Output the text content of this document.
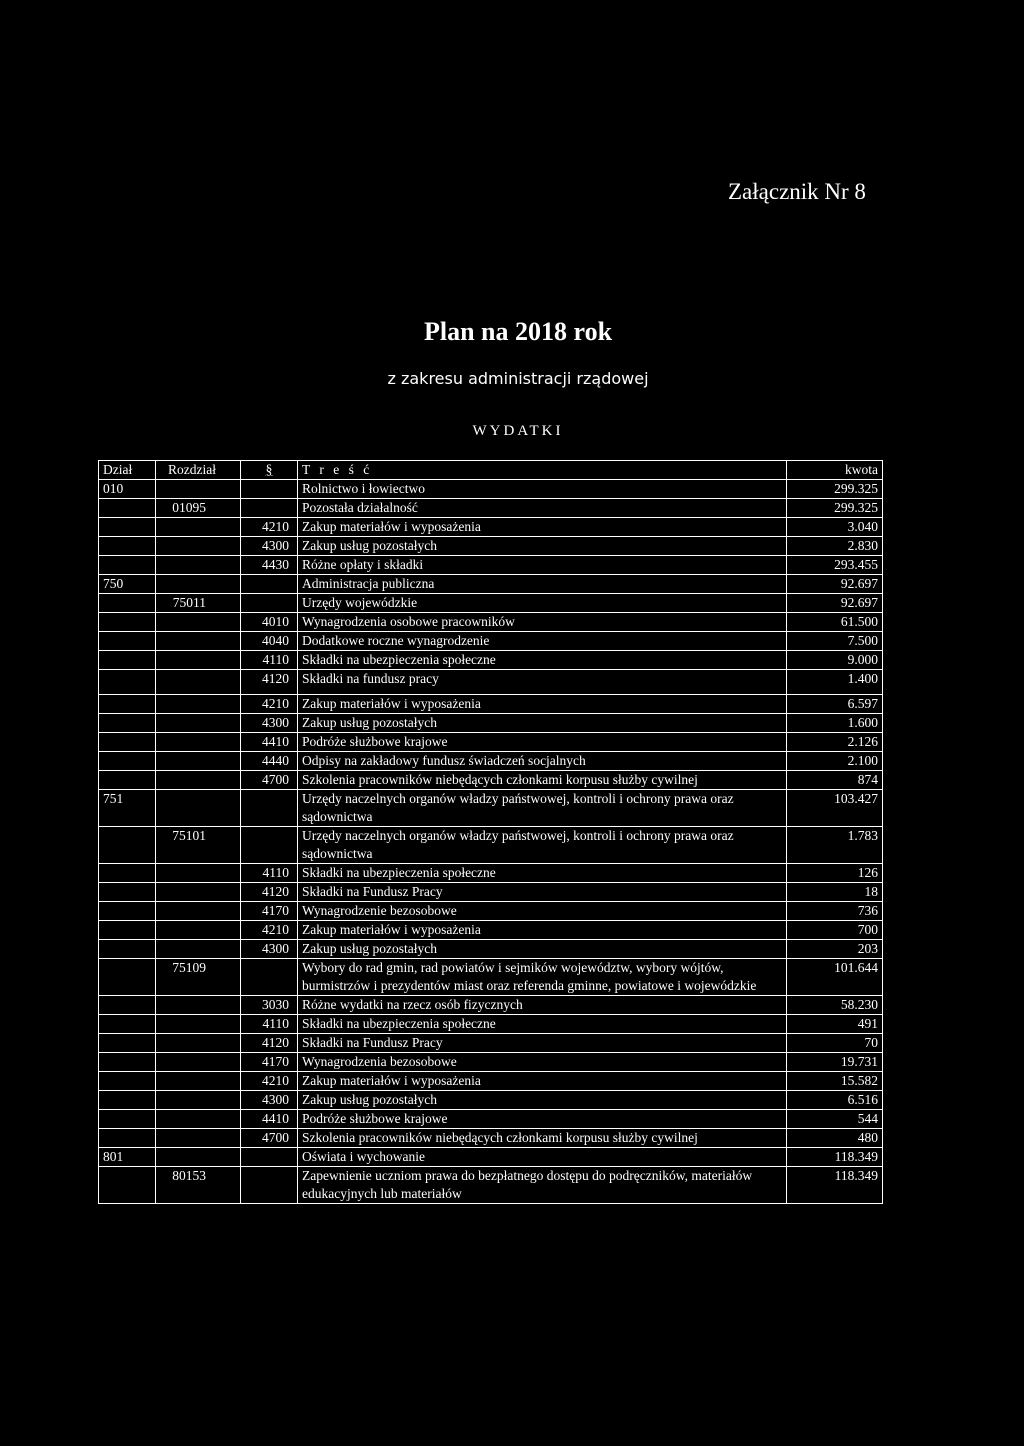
Załącznik Nr 8
Plan na 2018 rok
z zakresu administracji rządowej
WYDATKI
Dział	Rozdział	§	T r e ś ć	kwota
010			Rolnictwo i łowiectwo	299.325
	01095		Pozostała działalność	299.325
		4210	Zakup materiałów i wyposażenia	3.040
		4300	Zakup usług pozostałych	2.830
		4430	Różne opłaty i składki	293.455
750			Administracja publiczna	92.697
	75011		Urzędy wojewódzkie	92.697
		4010	Wynagrodzenia osobowe pracowników	61.500
		4040	Dodatkowe roczne wynagrodzenie	7.500
		4110	Składki na ubezpieczenia społeczne	9.000
		4120	Składki na fundusz pracy	1.400
		4210	Zakup materiałów i wyposażenia	6.597
		4300	Zakup usług pozostałych	1.600
		4410	Podróże służbowe krajowe	2.126
		4440	Odpisy na zakładowy fundusz świadczeń socjalnych	2.100
		4700	Szkolenia pracowników niebędących członkami korpusu służby cywilnej	874
751			Urzędy naczelnych organów władzy państwowej, kontroli i ochrony prawa oraz sądownictwa	103.427
	75101		Urzędy naczelnych organów władzy państwowej, kontroli i ochrony prawa oraz sądownictwa	1.783
		4110	Składki na ubezpieczenia społeczne	126
		4120	Składki na Fundusz Pracy	18
		4170	Wynagrodzenie bezosobowe	736
		4210	Zakup materiałów i wyposażenia	700
		4300	Zakup usług pozostałych	203
	75109		Wybory do rad gmin, rad powiatów i sejmików województw, wybory wójtów, burmistrzów i prezydentów miast oraz referenda gminne, powiatowe i wojewódzkie	101.644
		3030	Różne wydatki na rzecz osób fizycznych	58.230
		4110	Składki na ubezpieczenia społeczne	491
		4120	Składki na Fundusz Pracy	70
		4170	Wynagrodzenia bezosobowe	19.731
		4210	Zakup materiałów i wyposażenia	15.582
		4300	Zakup usług pozostałych	6.516
		4410	Podróże służbowe krajowe	544
		4700	Szkolenia pracowników niebędących członkami korpusu służby cywilnej	480
801			Oświata i wychowanie	118.349
	80153		Zapewnienie uczniom prawa do bezpłatnego dostępu do podręczników, materiałów edukacyjnych lub materiałów	118.349
